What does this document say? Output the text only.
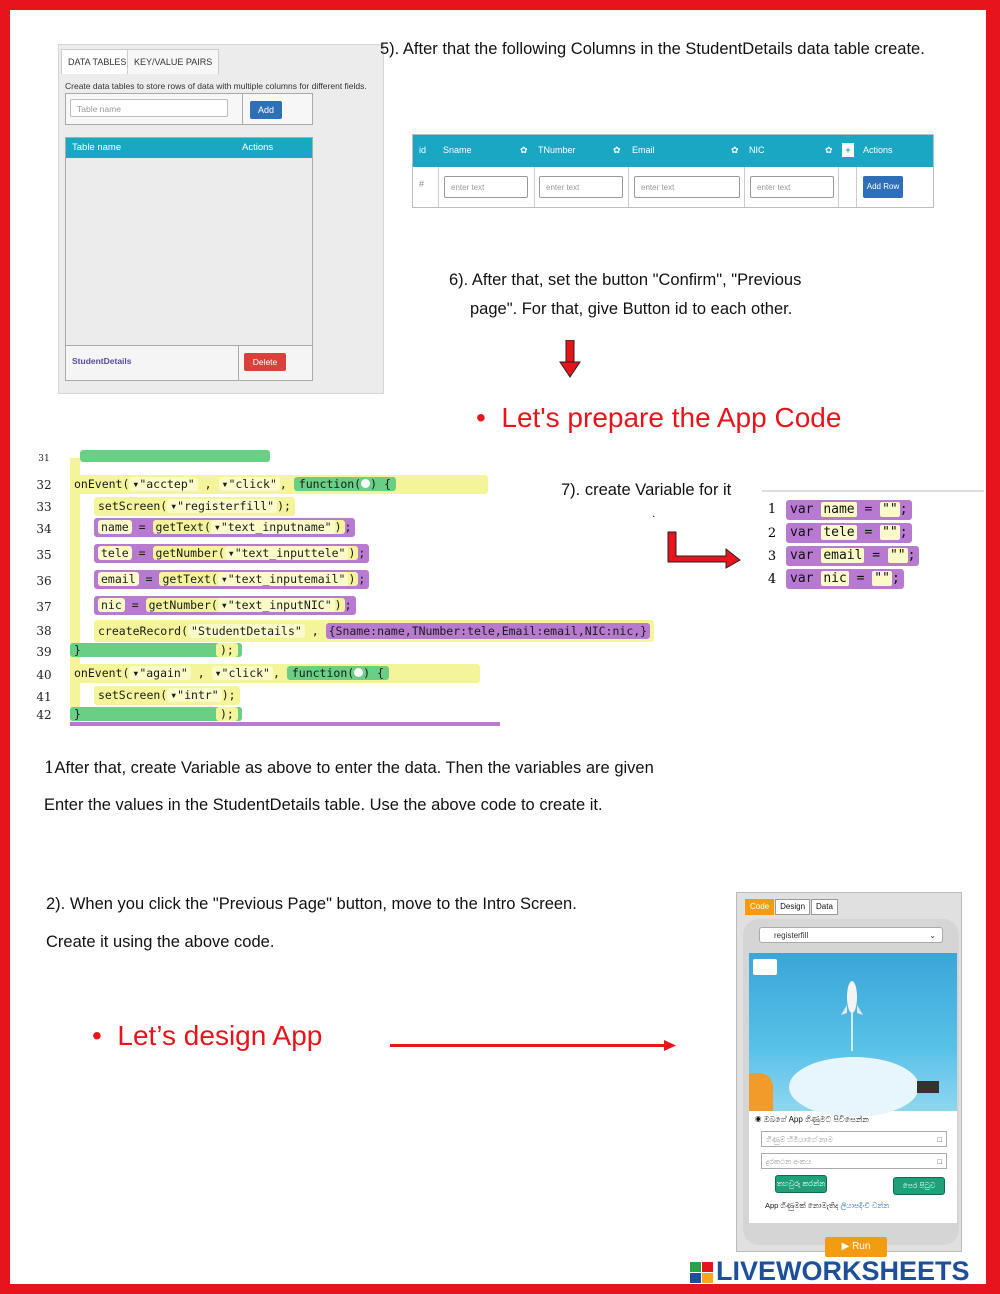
DATA TABLES KEY/VALUE PAIRS
Create data tables to store rows of data with multiple columns for different fields.
Table name	Add
Table name	Actions
StudentDetails	Delete
5). After that the following Columns in the StudentDetails data table create.
id Sname	✿ TNumber	✿ Email	✿ NIC	✿	+	Actions
#	enter text	enter text	enter text	enter text	Add Row
6). After that, set the button "Confirm", "Previous
page". For that, give Button id to each other.
•  Let's prepare the App Code
31
32	onEvent( ▾"acctep" , ▾"click" , function( ) {
33	setScreen( ▾"registerfill" );
34	name = getText( ▾"text_inputname" ) ;
35	tele = getNumber( ▾"text_inputtele" ) ;
36	email = getText( ▾"text_inputemail" ) ;
37	nic = getNumber( ▾"text_inputNIC" ) ;
38	createRecord( "StudentDetails" , {Sname:name,TNumber:tele,Email:email,NIC:nic,}
39	}	);
40	onEvent( ▾"again" , ▾"click" , function( ) {
41	setScreen( ▾"intr" );
42	}	);
7). create Variable for it
.	1	var name = "" ;
2	var tele = "" ;
3	var email = "" ;
4	var nic = "" ;
1After that, create Variable as above to enter the data. Then the variables are given
Enter the values in the StudentDetails table. Use the above code to create it.
2). When you click the "Previous Page" button, move to the Intro Screen.
Create it using the above code.
•  Let’s design App
Code Design Data
registerfill	⌄
◉ ඔබගේ App ගිණුමට පිවිසෙන්න
ගිණුම් හිමියාගේ නාම	□
දුරකථන අංකය	□
තහවුරු කරන්න	පෙර පිටුව
App ගිණුමක් නොමැතිද ලියාපදිංචි වන්න
▶ Run
LIVEWORKSHEETS
